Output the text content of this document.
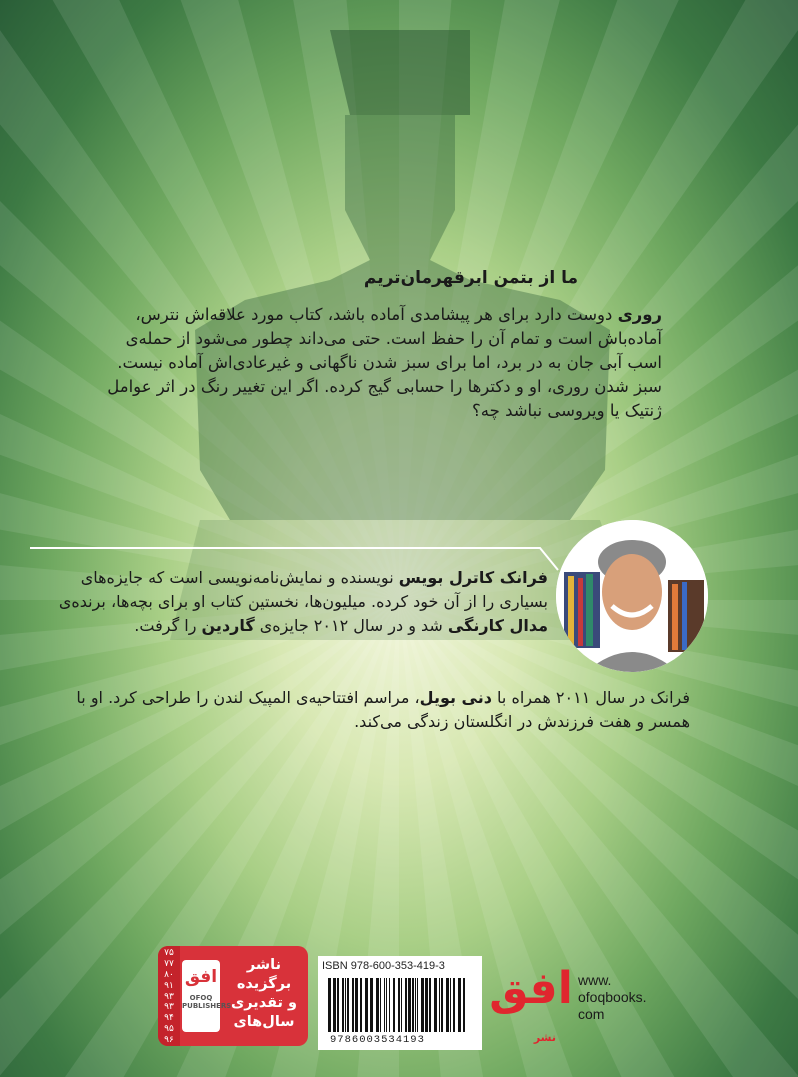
ما از بتمن ابرقهرمان‌تریم

روری دوست دارد برای هر پیشامدی آماده باشد، کتاب مورد علاقه‌اش نترس، آماده‌باش است و تمام آن را حفظ است. حتی می‌داند چطور می‌شود از حمله‌ی اسب آبی جان به در برد، اما برای سبز شدن ناگهانی و غیرعادی‌اش آماده نیست. سبز شدن روری، او و دکترها را حسابی گیج کرده. اگر این تغییر رنگ در اثر عوامل ژنتیک یا ویروسی نباشد چه؟

فرانک کاترل بویس نویسنده و نمایش‌نامه‌نویسی است که جایزه‌های بسیاری را از آن خود کرده. میلیون‌ها، نخستین کتاب او برای بچه‌ها، برنده‌ی مدال کارنگی شد و در سال ۲۰۱۲ جایزه‌ی گاردین را گرفت.

فرانک در سال ۲۰۱۱ همراه با دنی بویل، مراسم افتتاحیه‌ی المپیک لندن را طراحی کرد. او با همسر و هفت فرزندش در انگلستان زندگی می‌کند.

۷۵
۷۷
۸۰
۹۱
۹۳
۹۳
۹۴
۹۵
۹۶
افق
OFOQ PUBLISHERS
ناشر
برگزیده
و تقدیری
سال‌های
ISBN 978-600-353-419-3
9786003534193
افق
نشر
www.
ofoqbooks.
com
